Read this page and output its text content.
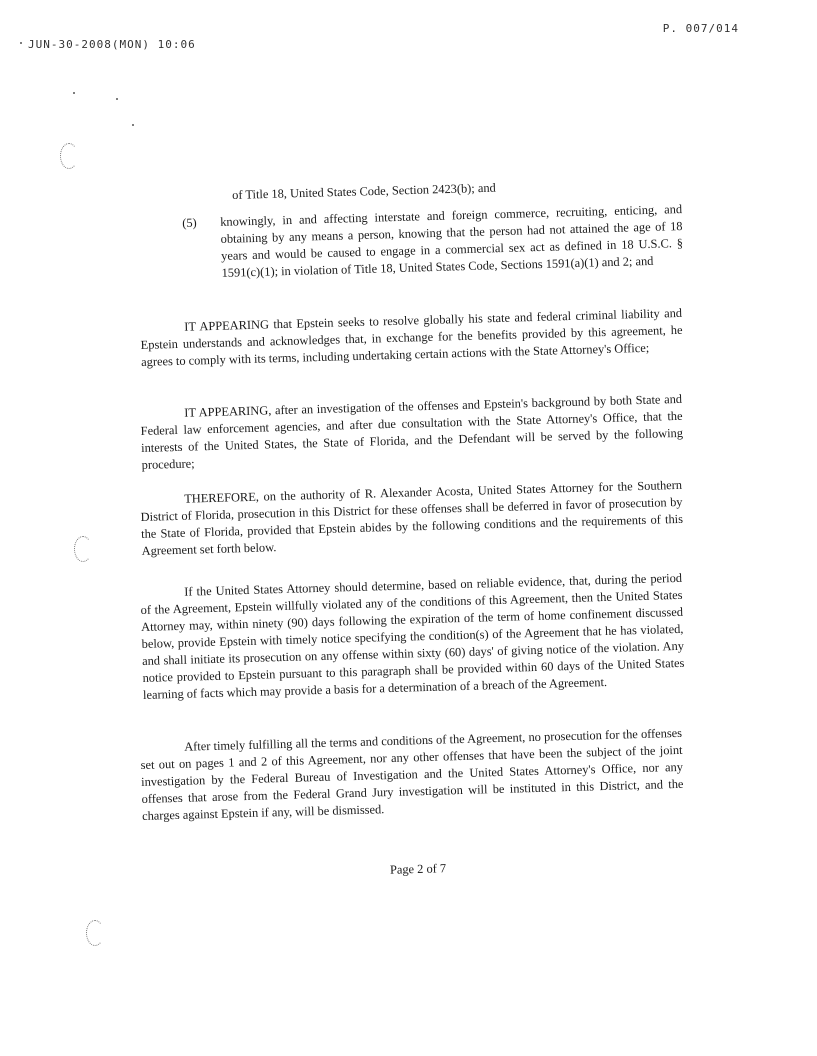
JUN-30-2008(MON) 10:06
P. 007/014
of Title 18, United States Code, Section 2423(b); and
(5)	knowingly, in and affecting interstate and foreign commerce, recruiting, enticing, and obtaining by any means a person, knowing that the person had not attained the age of 18 years and would be caused to engage in a commercial sex act as defined in 18 U.S.C. § 1591(c)(1); in violation of Title 18, United States Code, Sections 1591(a)(1) and 2; and

IT APPEARING that Epstein seeks to resolve globally his state and federal criminal liability and Epstein understands and acknowledges that, in exchange for the benefits provided by this agreement, he agrees to comply with its terms, including undertaking certain actions with the State Attorney's Office;

IT APPEARING, after an investigation of the offenses and Epstein's background by both State and Federal law enforcement agencies, and after due consultation with the State Attorney's Office, that the interests of the United States, the State of Florida, and the Defendant will be served by the following procedure;

THEREFORE, on the authority of R. Alexander Acosta, United States Attorney for the Southern District of Florida, prosecution in this District for these offenses shall be deferred in favor of prosecution by the State of Florida, provided that Epstein abides by the following conditions and the requirements of this Agreement set forth below.

If the United States Attorney should determine, based on reliable evidence, that, during the period of the Agreement, Epstein willfully violated any of the conditions of this Agreement, then the United States Attorney may, within ninety (90) days following the expiration of the term of home confinement discussed below, provide Epstein with timely notice specifying the condition(s) of the Agreement that he has violated, and shall initiate its prosecution on any offense within sixty (60) days' of giving notice of the violation. Any notice provided to Epstein pursuant to this paragraph shall be provided within 60 days of the United States learning of facts which may provide a basis for a determination of a breach of the Agreement.

After timely fulfilling all the terms and conditions of the Agreement, no prosecution for the offenses set out on pages 1 and 2 of this Agreement, nor any other offenses that have been the subject of the joint investigation by the Federal Bureau of Investigation and the United States Attorney's Office, nor any offenses that arose from the Federal Grand Jury investigation will be instituted in this District, and the charges against Epstein if any, will be dismissed.

Page 2 of 7
